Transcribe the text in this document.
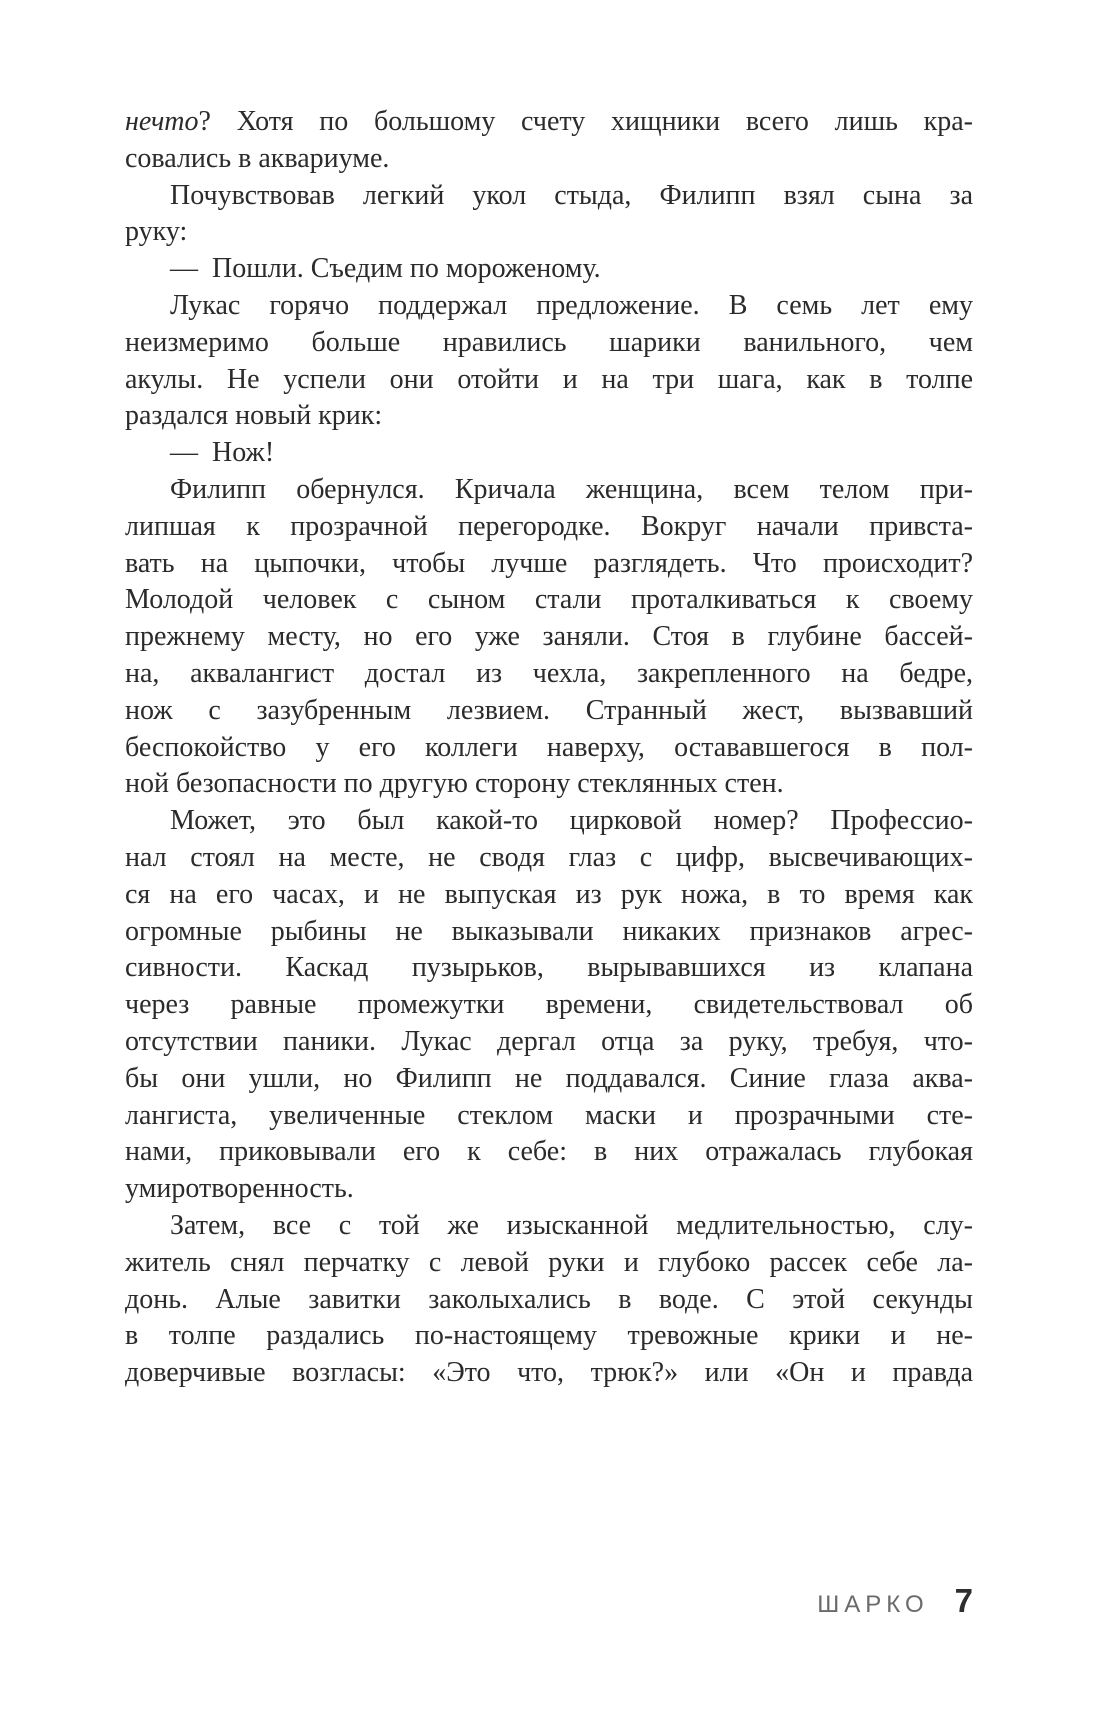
нечто? Хотя по большому счету хищники всего лишь кра-
совались в аквариуме.
Почувствовав легкий укол стыда, Филипп взял сына за
руку:
— Пошли. Съедим по мороженому.
Лукас горячо поддержал предложение. В семь лет ему
неизмеримо больше нравились шарики ванильного, чем
акулы. Не успели они отойти и на три шага, как в толпе
раздался новый крик:
— Нож!
Филипп обернулся. Кричала женщина, всем телом при-
липшая к прозрачной перегородке. Вокруг начали привста-
вать на цыпочки, чтобы лучше разглядеть. Что происходит?
Молодой человек с сыном стали проталкиваться к своему
прежнему месту, но его уже заняли. Стоя в глубине бассей-
на, аквалангист достал из чехла, закрепленного на бедре,
нож с зазубренным лезвием. Странный жест, вызвавший
беспокойство у его коллеги наверху, остававшегося в пол-
ной безопасности по другую сторону стеклянных стен.
Может, это был какой-то цирковой номер? Профессио-
нал стоял на месте, не сводя глаз с цифр, высвечивающих-
ся на его часах, и не выпуская из рук ножа, в то время как
огромные рыбины не выказывали никаких признаков агрес-
сивности. Каскад пузырьков, вырывавшихся из клапана
через равные промежутки времени, свидетельствовал об
отсутствии паники. Лукас дергал отца за руку, требуя, что-
бы они ушли, но Филипп не поддавался. Синие глаза аква-
лангиста, увеличенные стеклом маски и прозрачными сте-
нами, приковывали его к себе: в них отражалась глубокая
умиротворенность.
Затем, все с той же изысканной медлительностью, слу-
житель снял перчатку с левой руки и глубоко рассек себе ла-
донь. Алые завитки заколыхались в воде. С этой секунды
в толпе раздались по-настоящему тревожные крики и не-
доверчивые возгласы: «Это что, трюк?» или «Он и правда
ШАРКО 7
